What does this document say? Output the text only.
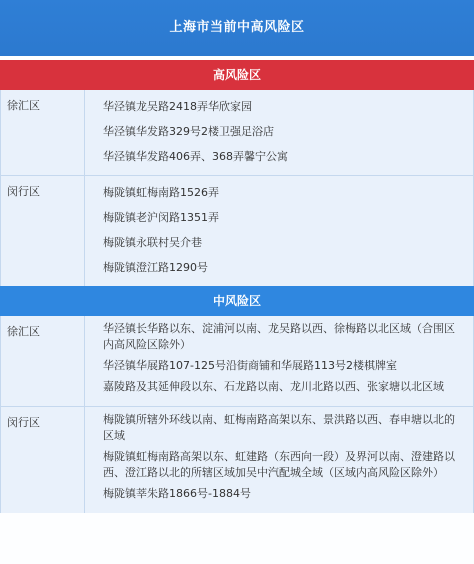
上海市当前中高风险区
高风险区
徐汇区	华泾镇龙吴路2418弄华欣家园

华泾镇华发路329号2楼卫强足浴店

华泾镇华发路406弄、368弄馨宁公寓

闵行区	梅陇镇虹梅南路1526弄

梅陇镇老沪闵路1351弄

梅陇镇永联村吴介巷

梅陇镇澄江路1290号

中风险区
徐汇区	华泾镇长华路以东、淀浦河以南、龙吴路以西、徐梅路以北区域（合围区内高风险区除外）

华泾镇华展路107-125号沿街商铺和华展路113号2楼棋牌室

嘉陵路及其延伸段以东、石龙路以南、龙川北路以西、张家塘以北区域

闵行区	梅陇镇所辖外环线以南、虹梅南路高架以东、景洪路以西、春申塘以北的区域

梅陇镇虹梅南路高架以东、虹建路（东西向一段）及界河以南、澄建路以西、澄江路以北的所辖区域加吴中汽配城全域（区域内高风险区除外）

梅陇镇莘朱路1866号-1884号
